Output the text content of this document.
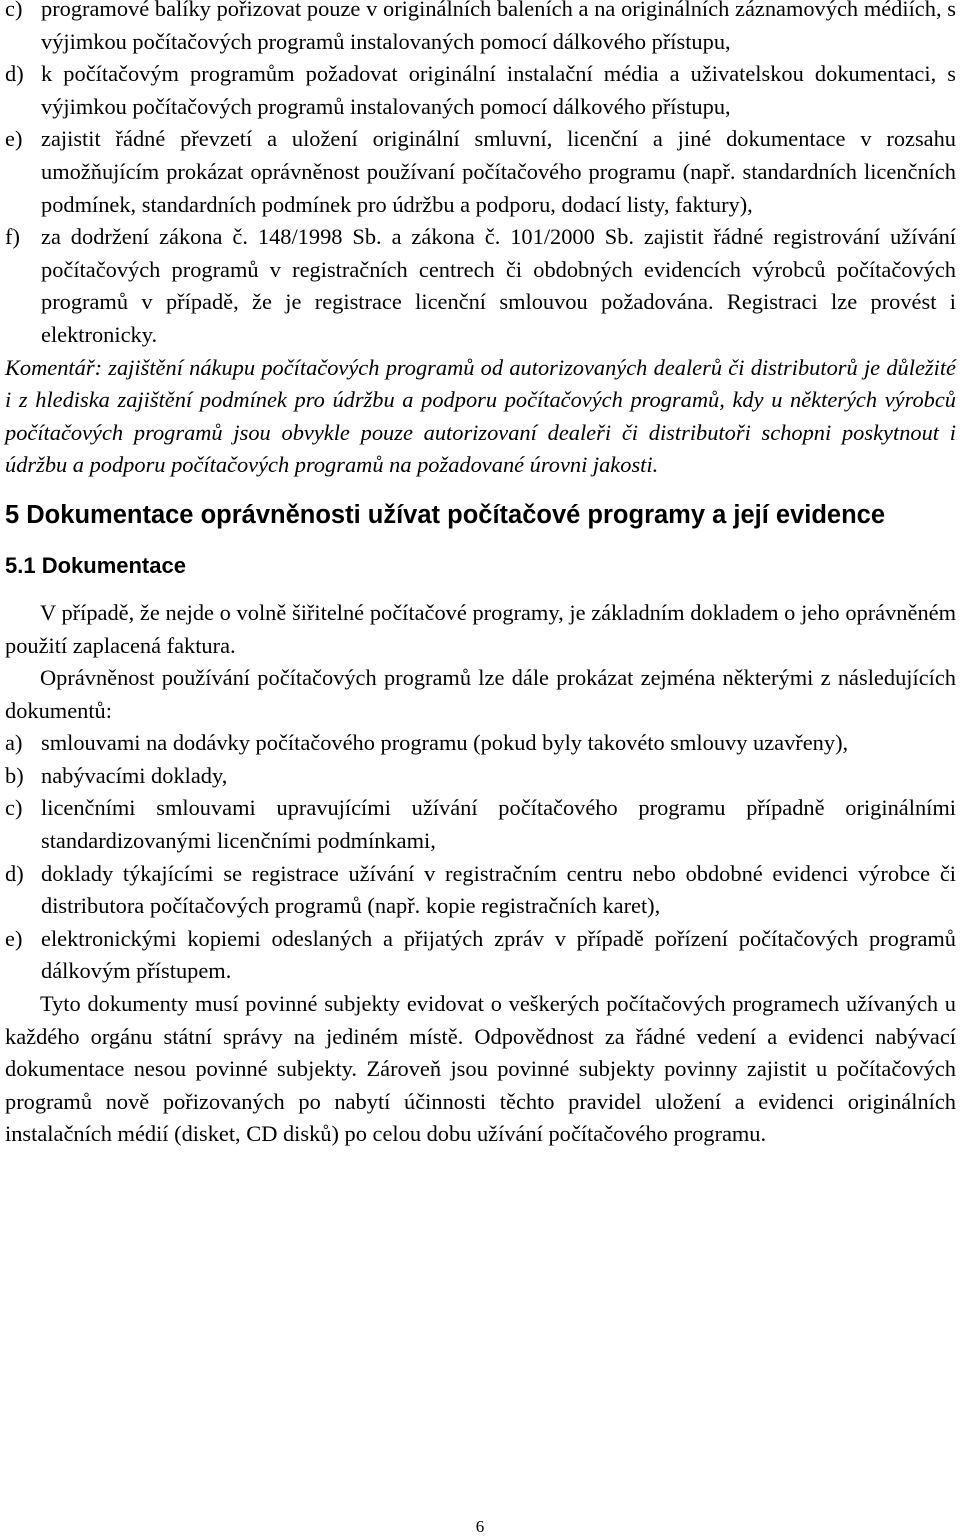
c) programové balíky pořizovat pouze v originálních baleních a na originálních záznamových médiích, s výjimkou počítačových programů instalovaných pomocí dálkového přístupu,
d) k počítačovým programům požadovat originální instalační média a uživatelskou dokumentaci, s výjimkou počítačových programů instalovaných pomocí dálkového přístupu,
e) zajistit řádné převzetí a uložení originální smluvní, licenční a jiné dokumentace v rozsahu umožňujícím prokázat oprávněnost používaní počítačového programu (např. standardních licenčních podmínek, standardních podmínek pro údržbu a podporu, dodací listy, faktury),
f) za dodržení zákona č. 148/1998 Sb. a zákona č. 101/2000 Sb. zajistit řádné registrování užívání počítačových programů v registračních centrech či obdobných evidencích výrobců počítačových programů v případě, že je registrace licenční smlouvou požadována. Registraci lze provést i elektronicky.

Komentář: zajištění nákupu počítačových programů od autorizovaných dealerů či distributorů je důležité i z hlediska zajištění podmínek pro údržbu a podporu počítačových programů, kdy u některých výrobců počítačových programů jsou obvykle pouze autorizovaní dealeři či distributoři schopni poskytnout i údržbu a podporu počítačových programů na požadované úrovni jakosti.

5 Dokumentace oprávněnosti užívat počítačové programy a její evidence
5.1 Dokumentace

V případě, že nejde o volně šiřitelné počítačové programy, je základním dokladem o jeho oprávněném použití zaplacená faktura.

Oprávněnost používání počítačových programů lze dále prokázat zejména některými z následujících dokumentů:

a) smlouvami na dodávky počítačového programu (pokud byly takovéto smlouvy uzavřeny),
b) nabývacími doklady,
c) licenčními smlouvami upravujícími užívání počítačového programu případně originálními standardizovanými licenčními podmínkami,
d) doklady týkajícími se registrace užívání v registračním centru nebo obdobné evidenci výrobce či distributora počítačových programů (např. kopie registračních karet),
e) elektronickými kopiemi odeslaných a přijatých zpráv v případě pořízení počítačových programů dálkovým přístupem.

Tyto dokumenty musí povinné subjekty evidovat o veškerých počítačových programech užívaných u každého orgánu státní správy na jediném místě. Odpovědnost za řádné vedení a evidenci nabývací dokumentace nesou povinné subjekty. Zároveň jsou povinné subjekty povinny zajistit u počítačových programů nově pořizovaných po nabytí účinnosti těchto pravidel uložení a evidenci originálních instalačních médií (disket, CD disků) po celou dobu užívání počítačového programu.

6
